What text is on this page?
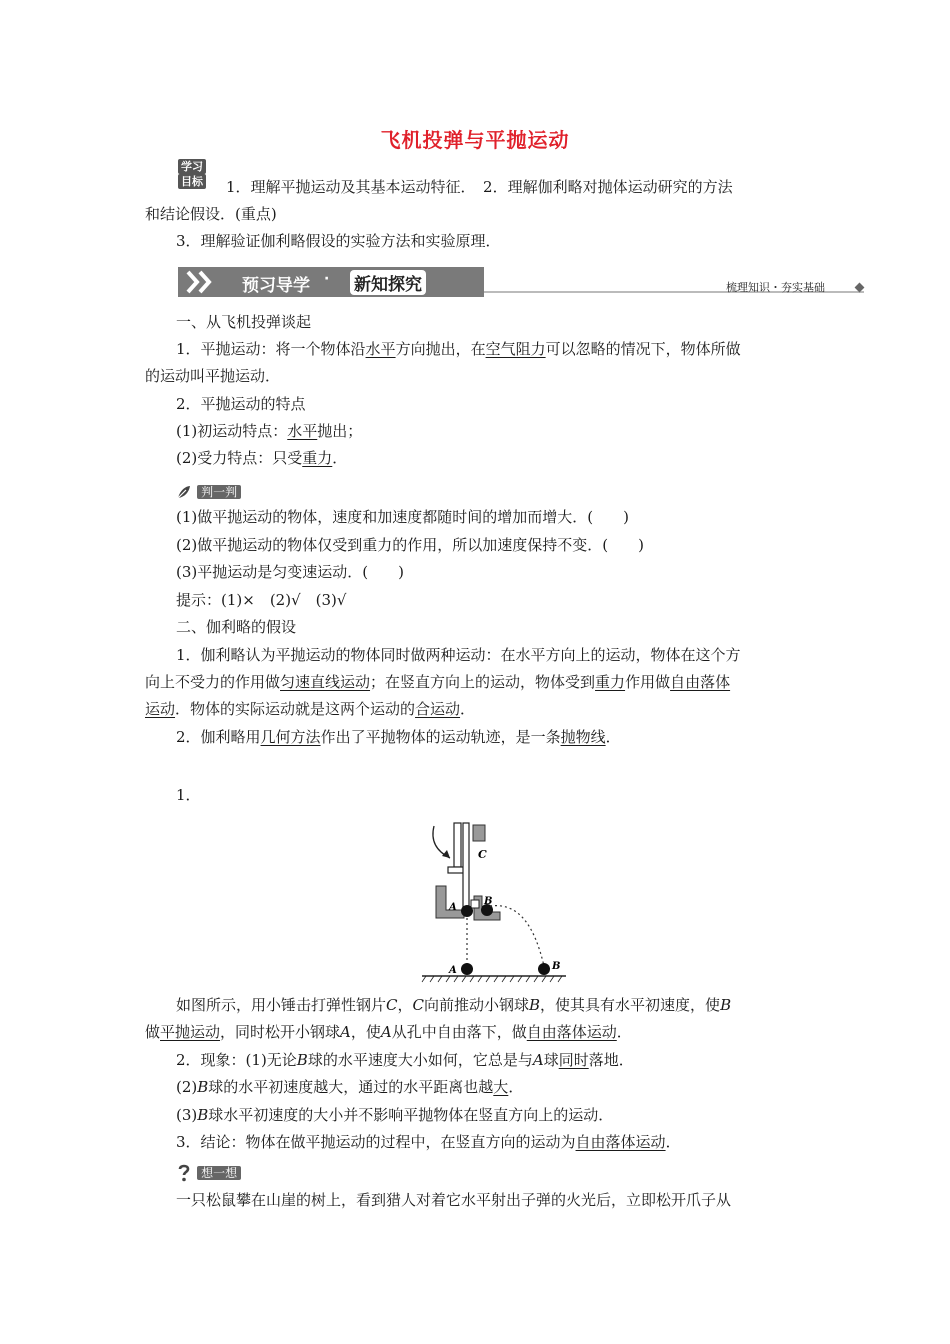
飞机投弹与平抛运动
学习
目标 1．理解平抛运动及其基本运动特征．　2．理解伽利略对抛体运动研究的方法
和结论假设．(重点)
3．理解验证伽利略假设的实验方法和实验原理．
预习导学 · 新知探究	梳理知识・夯实基础
一、从飞机投弹谈起
1．平抛运动：将一个物体沿水平方向抛出，在空气阻力可以忽略的情况下，物体所做
的运动叫平抛运动．
2．平抛运动的特点
(1)初运动特点：水平抛出；
(2)受力特点：只受重力．
判一判
(1)做平抛运动的物体，速度和加速度都随时间的增加而增大．(　　)
(2)做平抛运动的物体仅受到重力的作用，所以加速度保持不变．(　　)
(3)平抛运动是匀变速运动．(　　)
提示：(1)×　(2)√　(3)√
二、伽利略的假设
1．伽利略认为平抛运动的物体同时做两种运动：在水平方向上的运动，物体在这个方
向上不受力的作用做匀速直线运动；在竖直方向上的运动，物体受到重力作用做自由落体
运动．物体的实际运动就是这两个运动的合运动．
2．伽利略用几何方法作出了平抛物体的运动轨迹，是一条抛物线．
1．
C
A
B
A	B
如图所示，用小锤击打弹性钢片C，C向前推动小钢球B，使其具有水平初速度，使B
做平抛运动，同时松开小钢球A，使A从孔中自由落下，做自由落体运动．
2．现象：(1)无论B球的水平速度大小如何，它总是与A球同时落地．
(2)B球的水平初速度越大，通过的水平距离也越大．
(3)B球水平初速度的大小并不影响平抛物体在竖直方向上的运动．
3．结论：物体在做平抛运动的过程中，在竖直方向的运动为自由落体运动．
想一想
一只松鼠攀在山崖的树上，看到猎人对着它水平射出子弹的火光后，立即松开爪子从
